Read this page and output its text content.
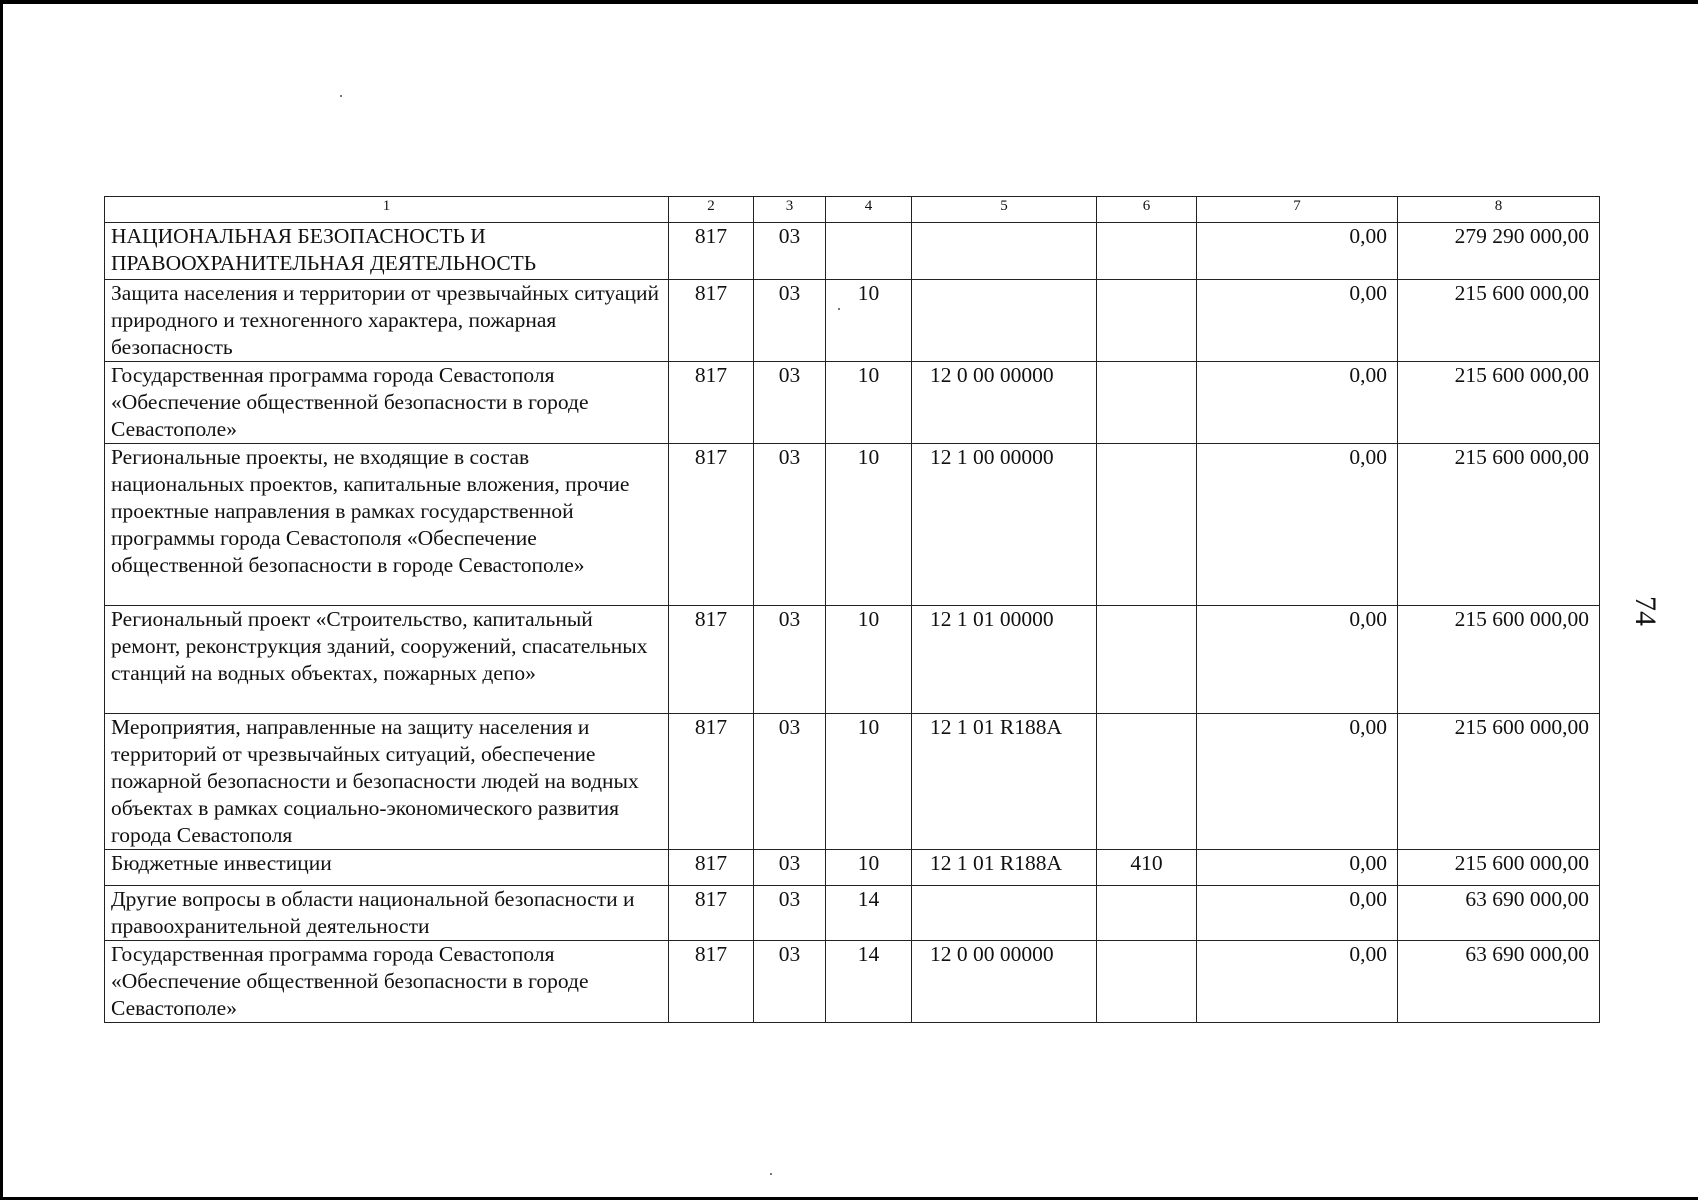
1	2	3	4	5	6	7	8
НАЦИОНАЛЬНАЯ БЕЗОПАСНОСТЬ И ПРАВООХРАНИТЕЛЬНАЯ ДЕЯТЕЛЬНОСТЬ	817	03				0,00	279 290 000,00
Защита населения и территории от чрезвычайных ситуаций природного и техногенного характера, пожарная безопасность	817	03	10			0,00	215 600 000,00
Государственная программа города Севастополя «Обеспечение общественной безопасности в городе Севастополе»	817	03	10	12 0 00 00000		0,00	215 600 000,00
Региональные проекты, не входящие в состав национальных проектов, капитальные вложения, прочие проектные направления в рамках государственной программы города Севастополя «Обеспечение общественной безопасности в городе Севастополе»	817	03	10	12 1 00 00000		0,00	215 600 000,00
Региональный проект «Строительство, капитальный ремонт, реконструкция зданий, сооружений, спасательных станций на водных объектах, пожарных депо»	817	03	10	12 1 01 00000		0,00	215 600 000,00
Мероприятия, направленные на защиту населения и территорий от чрезвычайных ситуаций, обеспечение пожарной безопасности и безопасности людей на водных объектах в рамках социально-экономического развития города Севастополя	817	03	10	12 1 01 R188A		0,00	215 600 000,00
Бюджетные инвестиции	817	03	10	12 1 01 R188A	410	0,00	215 600 000,00
Другие вопросы в области национальной безопасности и правоохранительной деятельности	817	03	14			0,00	63 690 000,00
Государственная программа города Севастополя «Обеспечение общественной безопасности в городе Севастополе»	817	03	14	12 0 00 00000		0,00	63 690 000,00
74
